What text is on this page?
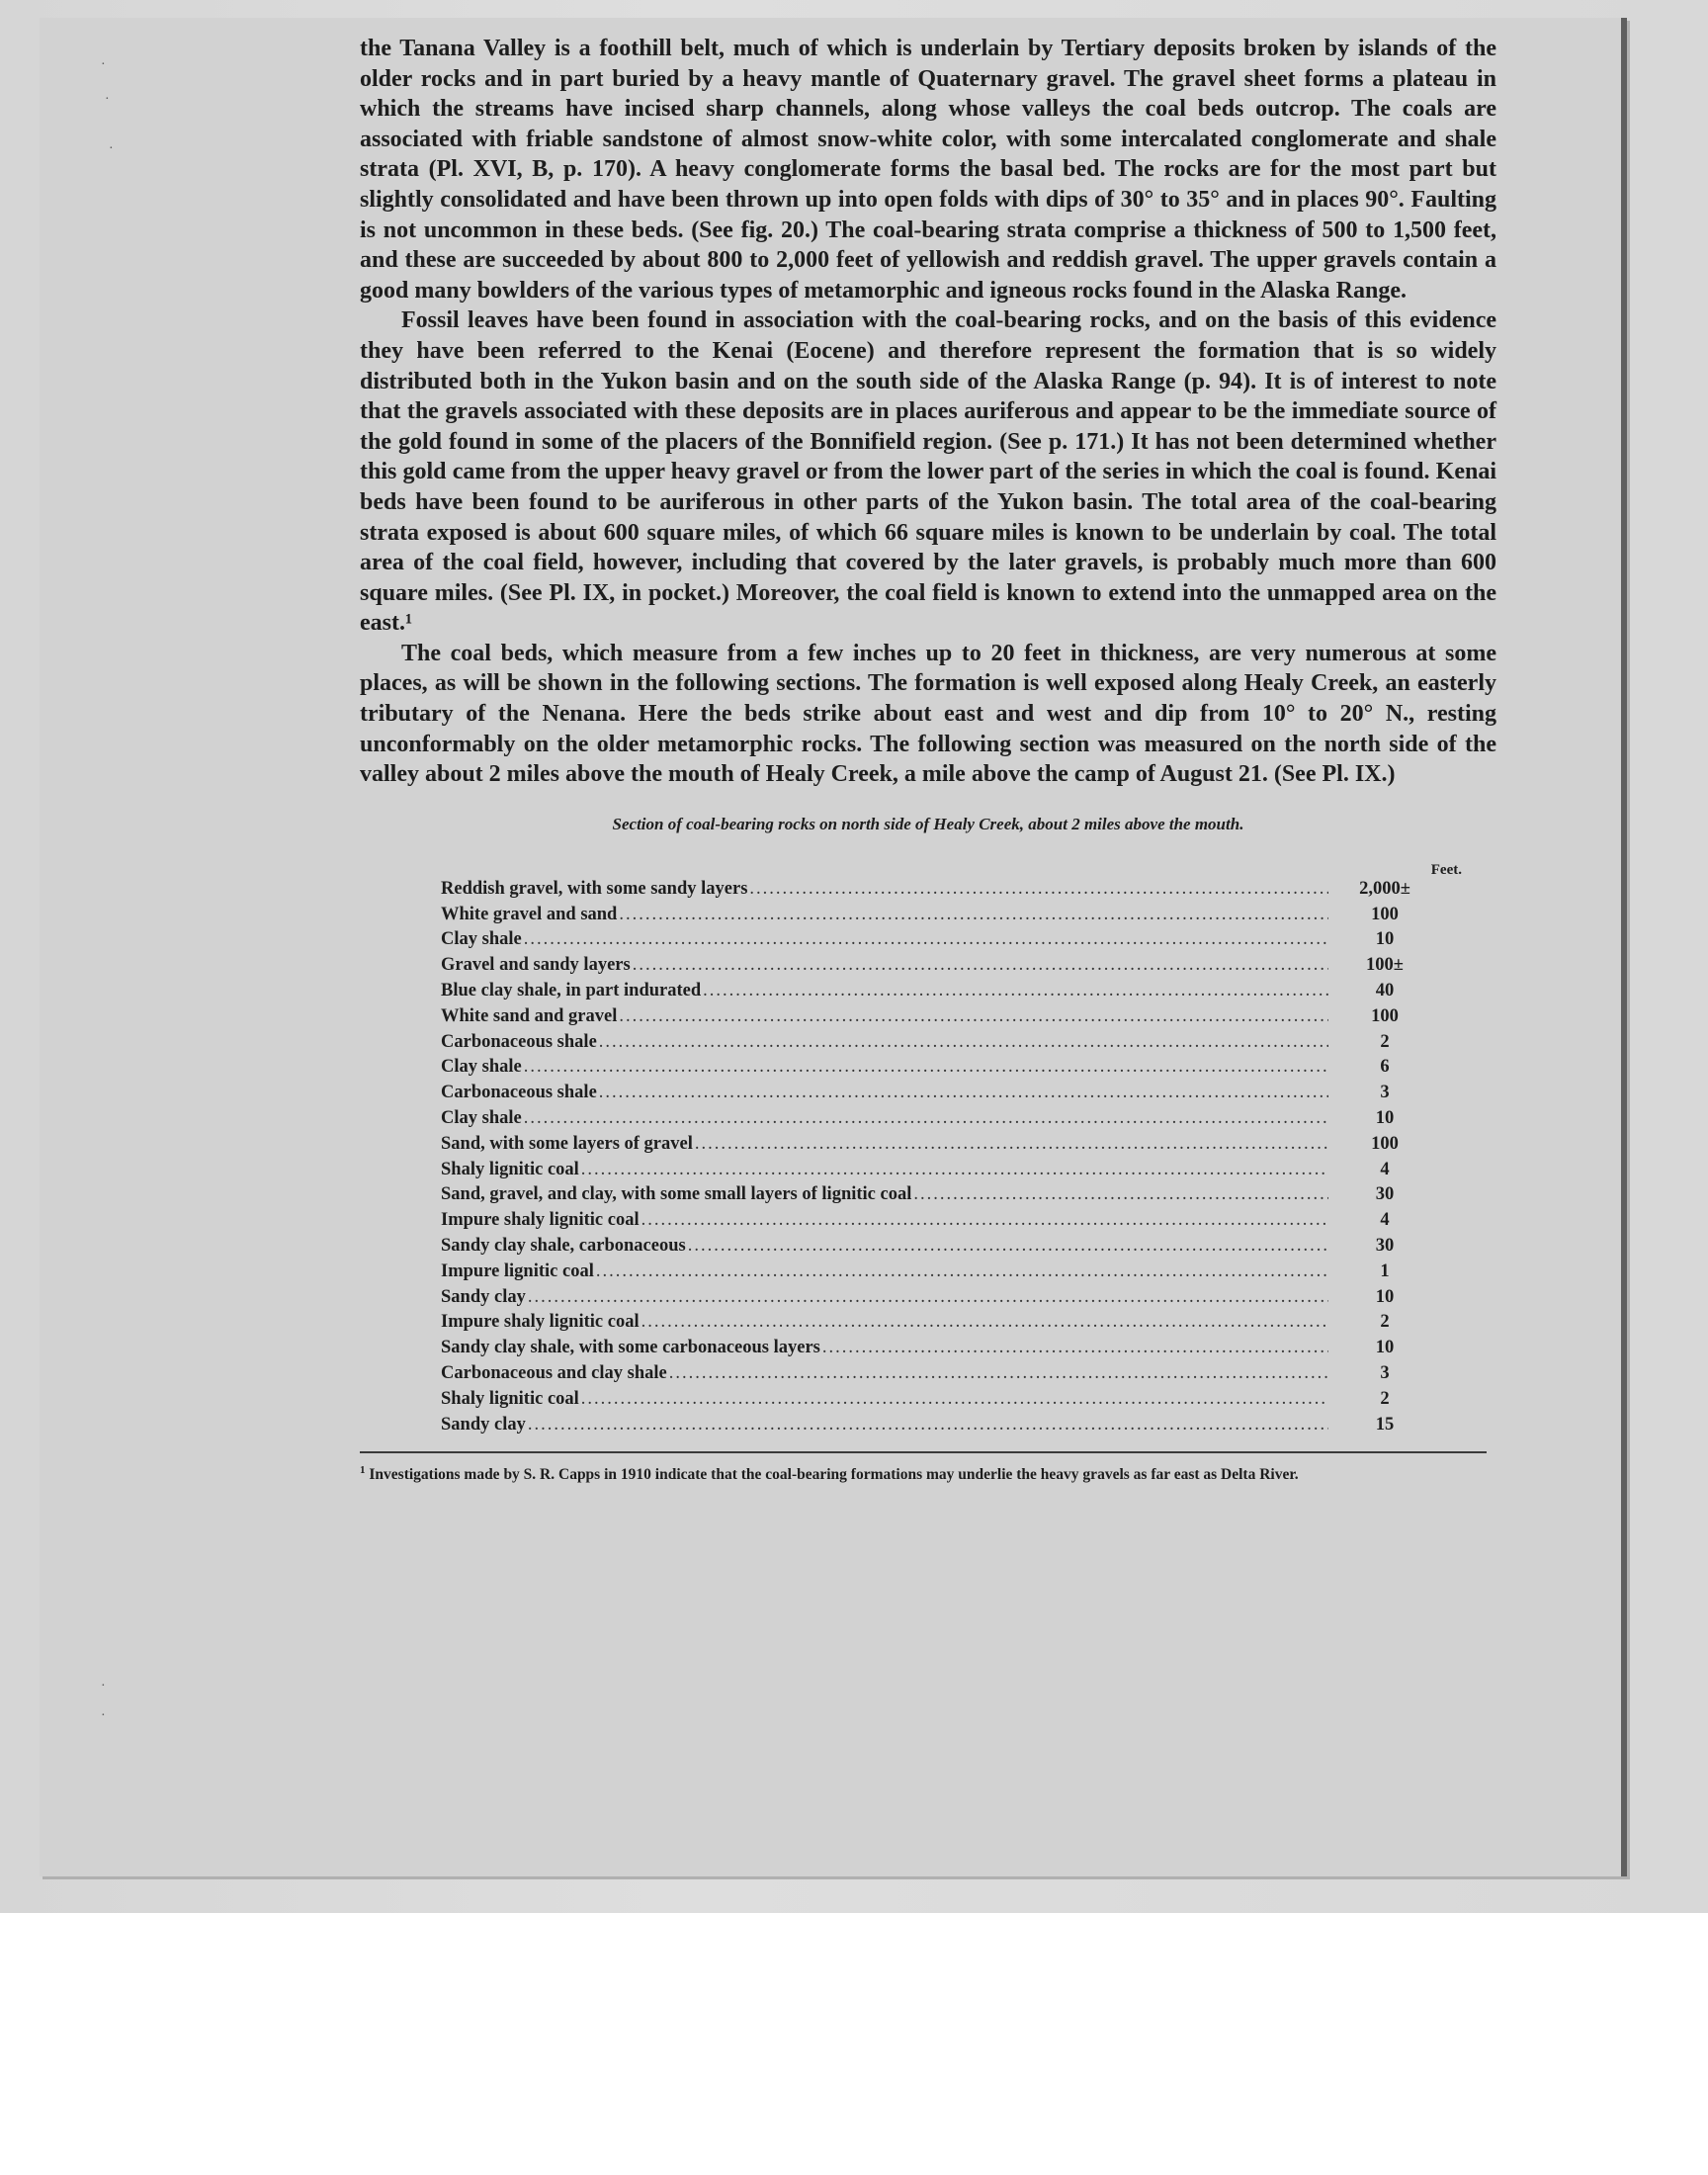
·
·
·
·
·

the Tanana Valley is a foothill belt, much of which is underlain by Tertiary deposits broken by islands of the older rocks and in part buried by a heavy mantle of Quaternary gravel. The gravel sheet forms a plateau in which the streams have incised sharp channels, along whose valleys the coal beds outcrop. The coals are associated with friable sandstone of almost snow-white color, with some intercalated conglomerate and shale strata (Pl. XVI, B, p. 170). A heavy conglomerate forms the basal bed. The rocks are for the most part but slightly consolidated and have been thrown up into open folds with dips of 30° to 35° and in places 90°. Faulting is not uncommon in these beds. (See fig. 20.) The coal-bearing strata comprise a thickness of 500 to 1,500 feet, and these are succeeded by about 800 to 2,000 feet of yellowish and reddish gravel. The upper gravels contain a good many bowlders of the various types of metamorphic and igneous rocks found in the Alaska Range.

Fossil leaves have been found in association with the coal-bearing rocks, and on the basis of this evidence they have been referred to the Kenai (Eocene) and therefore represent the formation that is so widely distributed both in the Yukon basin and on the south side of the Alaska Range (p. 94). It is of interest to note that the gravels associated with these deposits are in places auriferous and appear to be the immediate source of the gold found in some of the placers of the Bonnifield region. (See p. 171.) It has not been determined whether this gold came from the upper heavy gravel or from the lower part of the series in which the coal is found. Kenai beds have been found to be auriferous in other parts of the Yukon basin. The total area of the coal-bearing strata exposed is about 600 square miles, of which 66 square miles is known to be underlain by coal. The total area of the coal field, however, including that covered by the later gravels, is probably much more than 600 square miles. (See Pl. IX, in pocket.) Moreover, the coal field is known to extend into the unmapped area on the east.¹

The coal beds, which measure from a few inches up to 20 feet in thickness, are very numerous at some places, as will be shown in the following sections. The formation is well exposed along Healy Creek, an easterly tributary of the Nenana. Here the beds strike about east and west and dip from 10° to 20° N., resting unconformably on the older metamorphic rocks. The following section was measured on the north side of the valley about 2 miles above the mouth of Healy Creek, a mile above the camp of August 21. (See Pl. IX.)

Section of coal-bearing rocks on north side of Healy Creek, about 2 miles above the mouth.
Feet.
Reddish gravel, with some sandy layers .....	2,000±
White gravel and sand .....	100
Clay shale .....	10
Gravel and sandy layers .....	100±
Blue clay shale, in part indurated .....	40
White sand and gravel .....	100
Carbonaceous shale .....	2
Clay shale .....	6
Carbonaceous shale .....	3
Clay shale .....	10
Sand, with some layers of gravel .....	100
Shaly lignitic coal .....	4
Sand, gravel, and clay, with some small layers of lignitic coal .....	30
Impure shaly lignitic coal .....	4
Sandy clay shale, carbonaceous .....	30
Impure lignitic coal .....	1
Sandy clay .....	10
Impure shaly lignitic coal .....	2
Sandy clay shale, with some carbonaceous layers .....	10
Carbonaceous and clay shale .....	3
Shaly lignitic coal .....	2
Sandy clay .....	15
$^1$ Investigations made by S. R. Capps in 1910 indicate that the coal-bearing formations may underlie the heavy gravels as far east as Delta River.
